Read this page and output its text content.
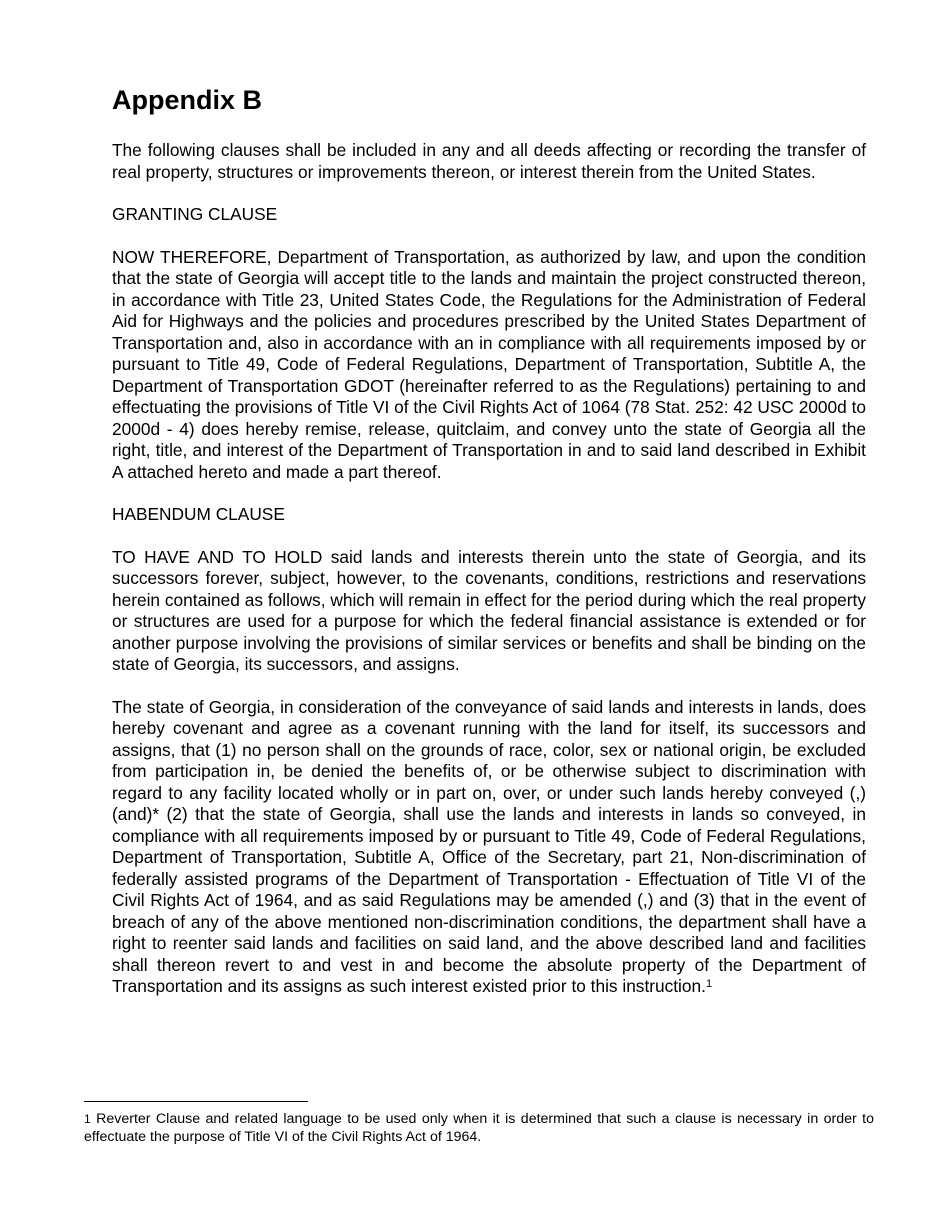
Appendix B

The following clauses shall be included in any and all deeds affecting or recording the transfer of real property, structures or improvements thereon, or interest therein from the United States.

GRANTING CLAUSE

NOW THEREFORE, Department of Transportation, as authorized by law, and upon the condition that the state of Georgia will accept title to the lands and maintain the project constructed thereon, in accordance with Title 23, United States Code, the Regulations for the Administration of Federal Aid for Highways and the policies and procedures prescribed by the United States Department of Transportation and, also in accordance with an in compliance with all requirements imposed by or pursuant to Title 49, Code of Federal Regulations, Department of Transportation, Subtitle A, the Department of Transportation GDOT (hereinafter referred to as the Regulations) pertaining to and effectuating the provisions of Title VI of the Civil Rights Act of 1064 (78 Stat. 252: 42 USC 2000d to 2000d - 4) does hereby remise, release, quitclaim, and convey unto the state of Georgia all the right, title, and interest of the Department of Transportation in and to said land described in Exhibit A attached hereto and made a part thereof.

HABENDUM CLAUSE

TO HAVE AND TO HOLD said lands and interests therein unto the state of Georgia, and its successors forever, subject, however, to the covenants, conditions, restrictions and reservations herein contained as follows, which will remain in effect for the period during which the real property or structures are used for a purpose for which the federal financial assistance is extended or for another purpose involving the provisions of similar services or benefits and shall be binding on the state of Georgia, its successors, and assigns.

The state of Georgia, in consideration of the conveyance of said lands and interests in lands, does hereby covenant and agree as a covenant running with the land for itself, its successors and assigns, that (1) no person shall on the grounds of race, color, sex or national origin, be excluded from participation in, be denied the benefits of, or be otherwise subject to discrimination with regard to any facility located wholly or in part on, over, or under such lands hereby conveyed (,)(and)* (2) that the state of Georgia, shall use the lands and interests in lands so conveyed, in compliance with all requirements imposed by or pursuant to Title 49, Code of Federal Regulations, Department of Transportation, Subtitle A, Office of the Secretary, part 21, Non-discrimination of federally assisted programs of the Department of Transportation - Effectuation of Title VI of the Civil Rights Act of 1964, and as said Regulations may be amended (,) and (3) that in the event of breach of any of the above mentioned non-discrimination conditions, the department shall have a right to reenter said lands and facilities on said land, and the above described land and facilities shall thereon revert to and vest in and become the absolute property of the Department of Transportation and its assigns as such interest existed prior to this instruction.$^1$

1 Reverter Clause and related language to be used only when it is determined that such a clause is necessary in order to effectuate the purpose of Title VI of the Civil Rights Act of 1964.
